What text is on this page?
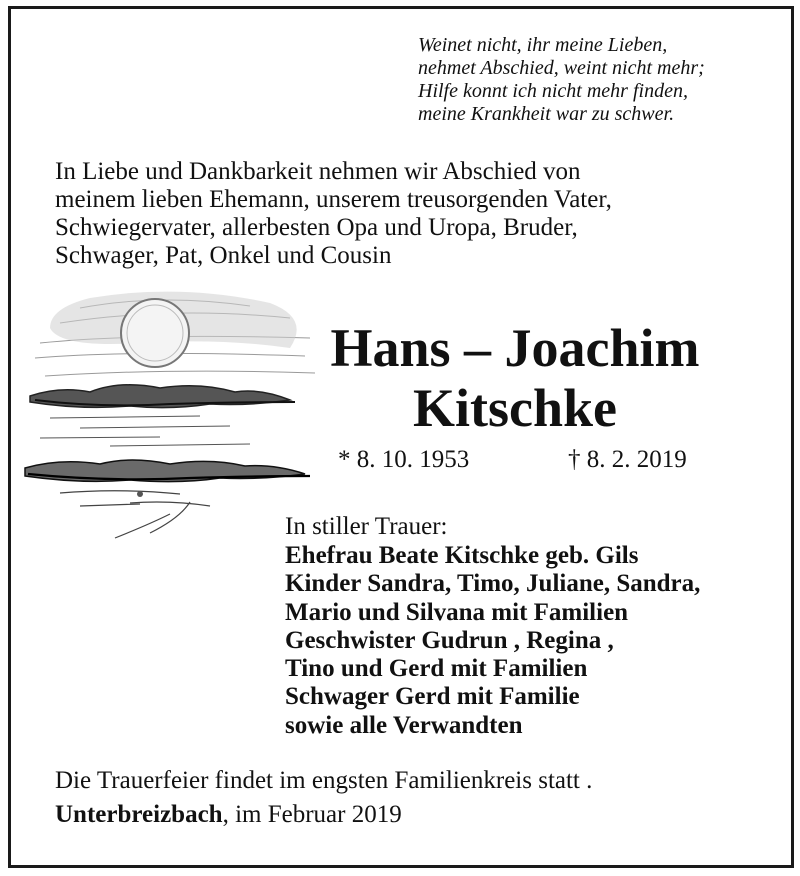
Weinet nicht, ihr meine Lieben,
nehmet Abschied, weint nicht mehr;
Hilfe konnt ich nicht mehr finden,
meine Krankheit war zu schwer.
In Liebe und Dankbarkeit nehmen wir Abschied von
meinem lieben Ehemann, unserem treusorgenden Vater,
Schwiegervater, allerbesten Opa und Uropa, Bruder,
Schwager, Pat, Onkel und Cousin
Hans – Joachim
Kitschke
* 8. 10. 1953	† 8. 2. 2019
In stiller Trauer:
Ehefrau Beate Kitschke geb. Gils
Kinder Sandra, Timo, Juliane, Sandra,
Mario und Silvana mit Familien
Geschwister Gudrun , Regina ,
Tino und Gerd mit Familien
Schwager Gerd mit Familie
sowie alle Verwandten
Die Trauerfeier findet im engsten Familienkreis statt .
Unterbreizbach, im Februar 2019
